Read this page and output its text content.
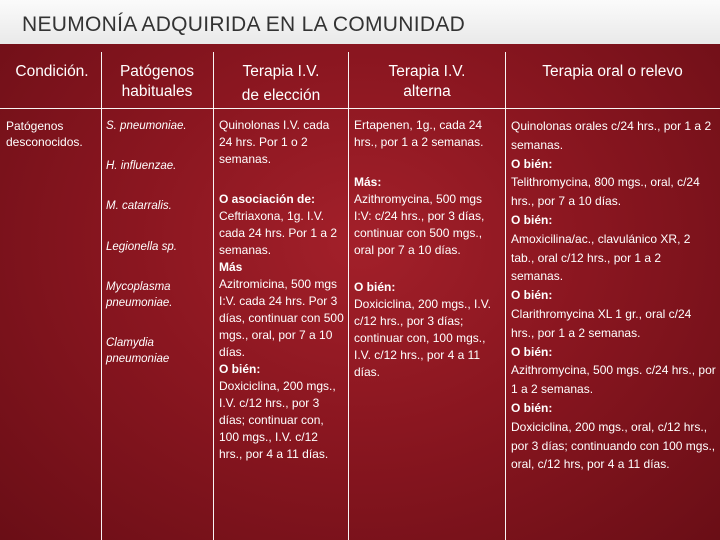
NEUMONÍA ADQUIRIDA EN LA COMUNIDAD
Condición.	Patógenos
habituales
Terapia I.V.
de elección
Terapia I.V.
alterna
Terapia oral o relevo
Patógenos
desconocidos.
S. pneumoniae.
H. influenzae.
M. catarralis.
Legionella sp.
Mycoplasma pneumoniae.
Clamydia pneumoniae
Quinolonas I.V. cada 24 hrs. Por 1 o 2 semanas.
O asociación de:
Ceftriaxona, 1g. I.V. cada 24 hrs. Por 1 a 2 semanas.
Más
Azitromicina, 500 mgs I:V. cada 24 hrs. Por 3 días, continuar con 500 mgs., oral, por 7 a 10 días.
O bién:
Doxiciclina, 200 mgs., I.V. c/12 hrs., por 3 días; continuar con, 100 mgs., I.V. c/12 hrs., por 4 a 11 días.
Ertapenen, 1g., cada 24 hrs., por 1 a 2 semanas.
Más:
Azithromycina, 500 mgs I:V: c/24 hrs., por 3 días, continuar con 500 mgs., oral por 7 a 10 días.
O bién:
Doxiciclina, 200 mgs., I.V. c/12 hrs., por 3 días; continuar con, 100 mgs., I.V. c/12 hrs., por 4 a 11 días.
Quinolonas orales c/24 hrs., por 1 a 2 semanas.
O bién:
Telithromycina, 800 mgs., oral, c/24 hrs., por 7 a 10 días.
O bién:
Amoxicilina/ac., clavulánico XR, 2 tab., oral c/12 hrs., por 1 a 2 semanas.
O bién:
Clarithromycina XL 1 gr., oral c/24 hrs., por 1 a 2 semanas.
O bién:
Azithromycina, 500 mgs. c/24 hrs., por 1 a 2 semanas.
O bién:
Doxiciclina, 200 mgs., oral, c/12 hrs., por 3 días; continuando con 100 mgs., oral, c/12 hrs, por 4 a 11 días.
